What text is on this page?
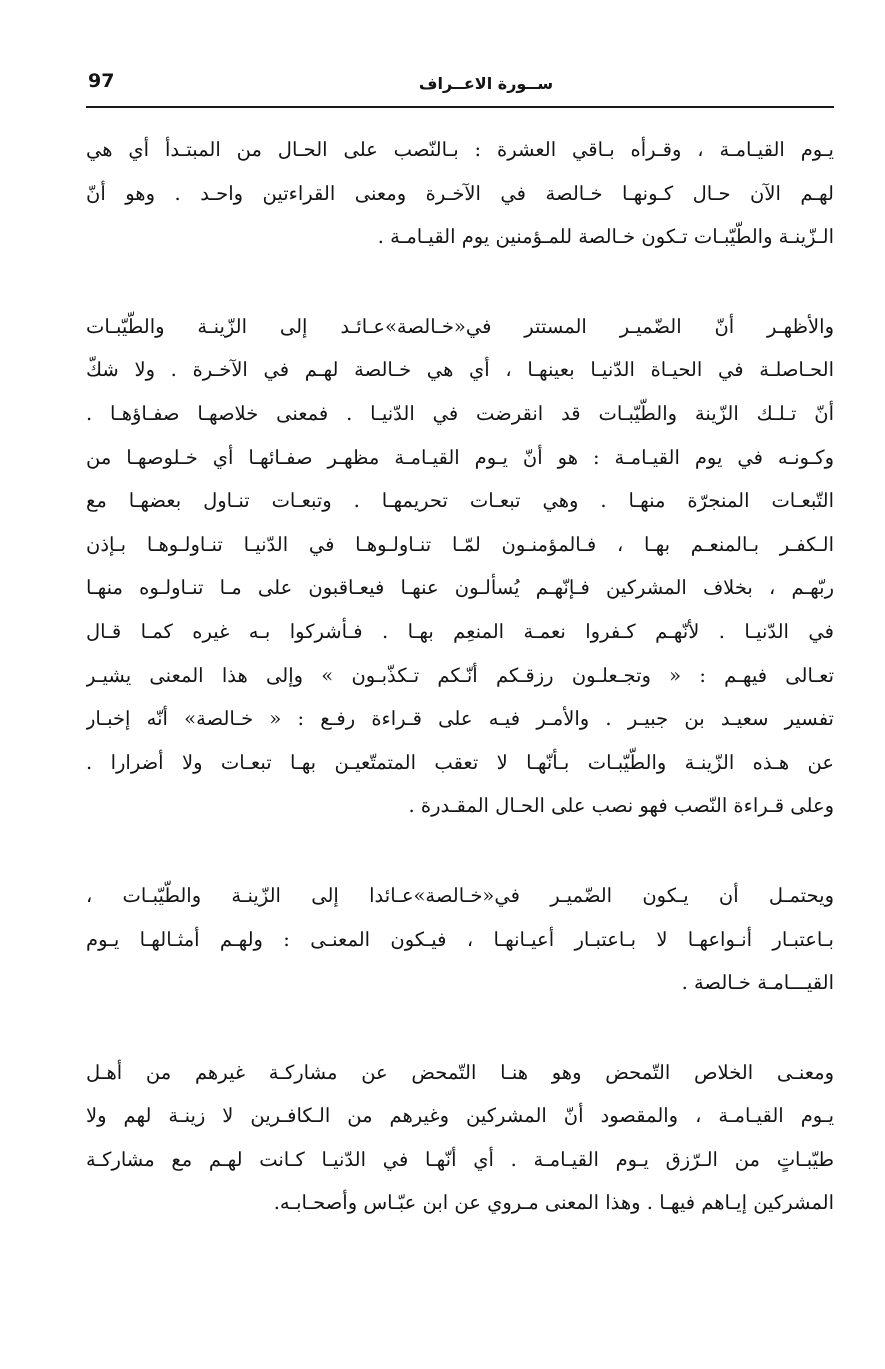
97	ســورة الاعــراف
يـوم القيـامـة ، وقـرأه بـاقي العشرة : بـالنّصب على الحـال من المبتـدأ أي هي
لهـم الآن حـال كـونهـا خـالصة في الآخـرة ومعنى القراءتين واحـد . وهو أنّ
الـزّينـة والطّيّبـات تـكون خـالصة للمـؤمنين يوم القيـامـة .
والأظهـر أنّ الضّميـر المستتر في«خـالصة»عـائـد إلى الزّينـة والطّيّبـات
الحـاصلـة في الحيـاة الدّنيـا بعينهـا ، أي هي خـالصة لهـم في الآخـرة . ولا شكّ
أنّ تـلـك الزّينة والطّيّبـات قد انقرضت في الدّنيـا . فمعنى خلاصهـا صفـاؤهـا .
وكـونـه في يوم القيـامـة : هو أنّ يـوم القيـامـة مظهـر صفـائهـا أي خـلوصهـا من
التّبعـات المنجرّة منهـا . وهي تبعـات تحريمهـا . وتبعـات تنـاول بعضهـا مع
الـكفـر بـالمنعـم بهـا ، فـالمؤمنـون لمّـا تنـاولـوهـا في الدّنيـا تنـاولـوهـا بـإذن
ربّهـم ، بخلاف المشركين فـإنّهـم يُسألـون عنهـا فيعـاقبون على مـا تنـاولـوه منهـا
في الدّنيـا . لأنّهـم كـفروا نعمـة المنعِم بهـا . فـأشركوا بـه غيره كمـا قـال
تعـالى فيهـم : « وتجـعلـون رزقـكم أنّـكم تـكذّبـون » وإلى هذا المعنى يشيـر
تفسير سعيـد بن جبيـر . والأمـر فيـه على قـراءة رفـع : « خـالصة» أنّه إخبـار
عن هـذه الزّينـة والطّيّبـات بـأنّهـا لا تعقب المتمتّعيـن بهـا تبعـات ولا أضرارا .
وعلى قـراءة النّصب فهو نصب على الحـال المقـدرة .
ويحتمـل أن يـكون الضّميـر في«خـالصة»عـائدا إلى الزّينـة والطّيّبـات ،
بـاعتبـار أنـواعهـا لا بـاعتبـار أعيـانهـا ، فيـكون المعنـى : ولهـم أمثـالهـا يـوم
القيـــامـة خـالصة .
ومعنـى الخلاص التّمحض وهو هنـا التّمحض عن مشاركـة غيرهم من أهـل
يـوم القيـامـة ، والمقصود أنّ المشركين وغيرهم من الـكافـرين لا زينـة لهم ولا
طيّبـاتٍ من الـرّزق يـوم القيـامـة . أي أنّهـا في الدّنيـا كـانت لهـم مع مشاركـة
المشركين إيـاهم فيهـا . وهذا المعنى مـروي عن ابن عبّـاس وأصحـابـه.
